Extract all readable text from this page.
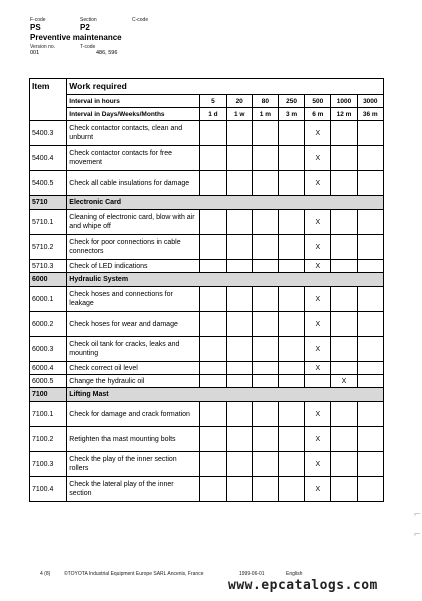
F-code
PS
Section
P2
C-code
Preventive maintenance
Version no.
001
T-code
486, 596
Item	Work required							
	Interval in hours	5	20	80	250	500	1000	3000
	Interval in Days/Weeks/Months	1 d	1 w	1 m	3 m	6 m	12 m	36 m
5400.3	Check contactor contacts, clean and unburnt					X		
5400.4	Check contactor contacts for free movement					X		
5400.5	Check all cable insulations for damage					X		
5710	Electronic Card							
5710.1	Cleaning of electronic card, blow with air and whipe off					X		
5710.2	Check for poor connections in cable connectors					X		
5710.3	Check of LED indications					X		
6000	Hydraulic System							
6000.1	Check hoses and connections for leakage					X		
6000.2	Check hoses for wear and damage					X		
6000.3	Check oil tank for cracks, leaks and mounting					X		
6000.4	Check correct oil level					X		
6000.5	Change the hydraulic oil						X	
7100	Lifting Mast							
7100.1	Check for damage and crack formation					X		
7100.2	Retighten tha mast mounting bolts					X		
7100.3	Check the play of the inner section rollers					X		
7100.4	Check the lateral play of the inner section					X		
4 (8)	©TOYOTA Industrial Equipment Europe SARL Ancenis, France	1999-06-01	English
www.epcatalogs.com
⌐
⌐
